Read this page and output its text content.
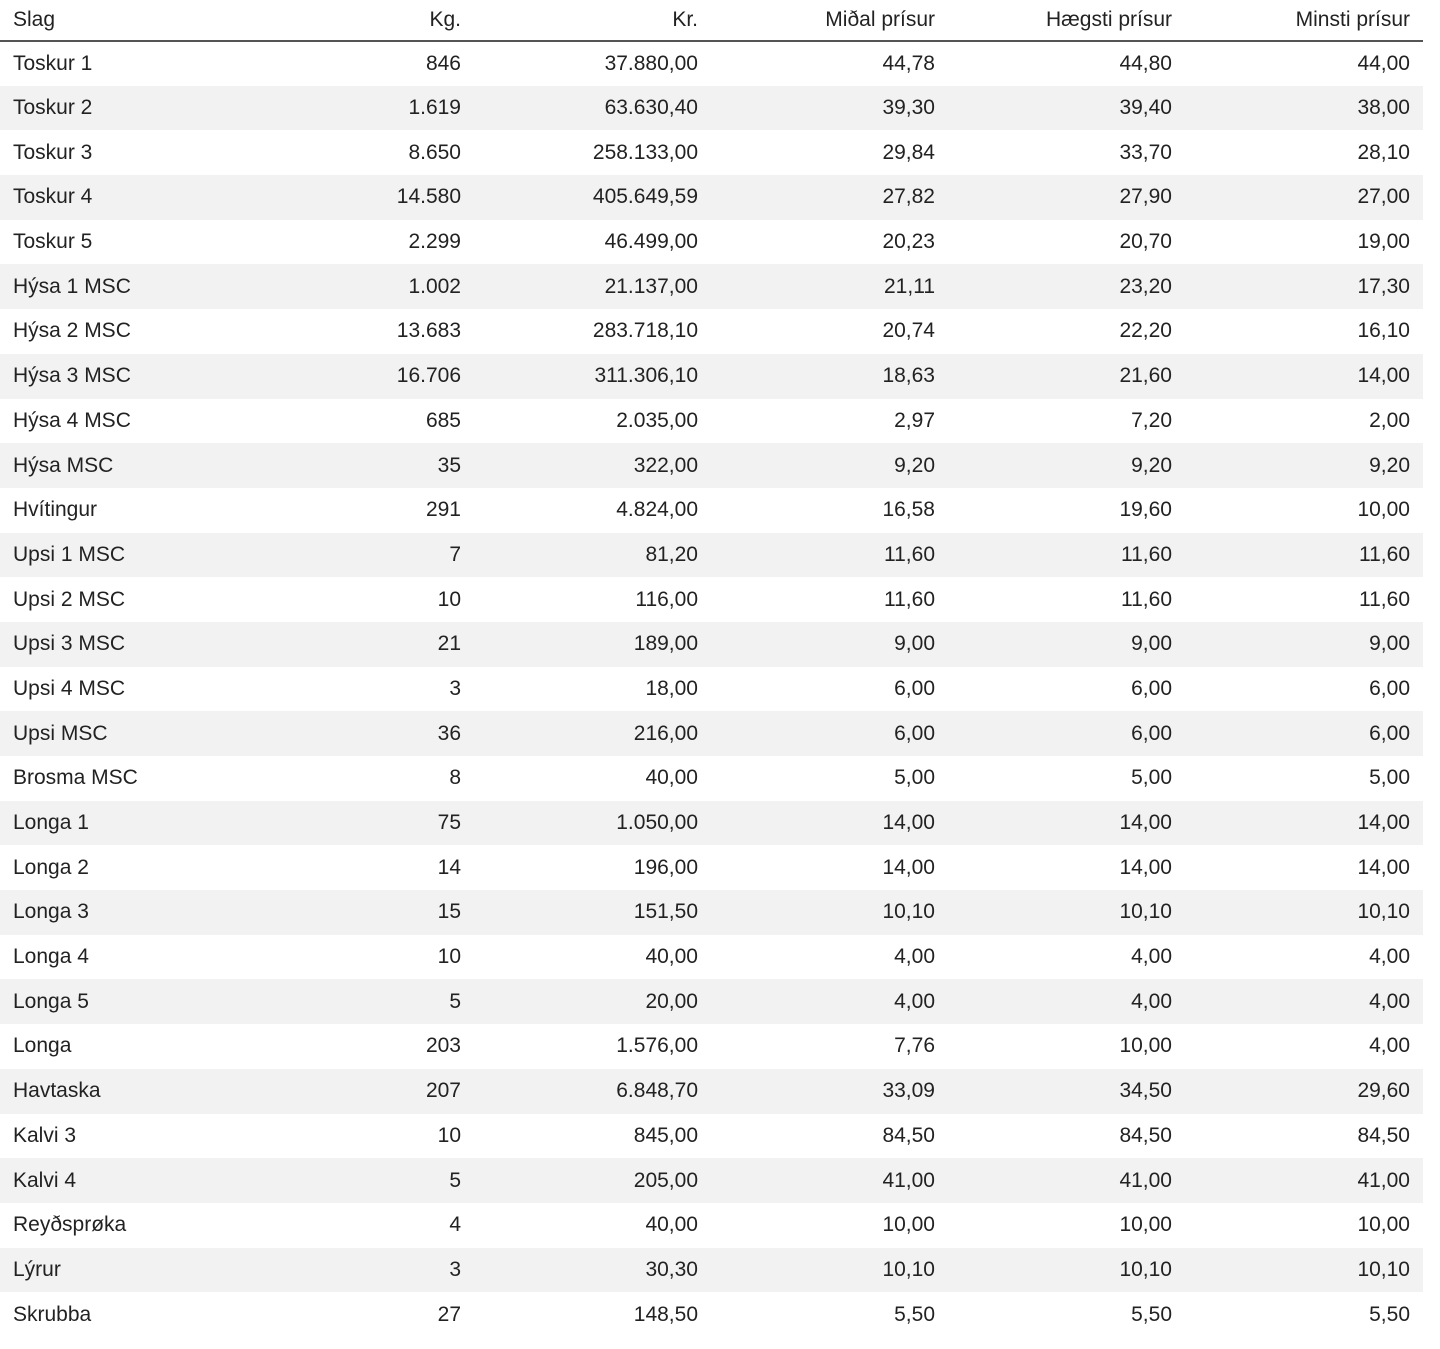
Slag	Kg.	Kr.	Miðal prísur	Hægsti prísur	Minsti prísur
Toskur 1	846	37.880,00	44,78	44,80	44,00
Toskur 2	1.619	63.630,40	39,30	39,40	38,00
Toskur 3	8.650	258.133,00	29,84	33,70	28,10
Toskur 4	14.580	405.649,59	27,82	27,90	27,00
Toskur 5	2.299	46.499,00	20,23	20,70	19,00
Hýsa 1 MSC	1.002	21.137,00	21,11	23,20	17,30
Hýsa 2 MSC	13.683	283.718,10	20,74	22,20	16,10
Hýsa 3 MSC	16.706	311.306,10	18,63	21,60	14,00
Hýsa 4 MSC	685	2.035,00	2,97	7,20	2,00
Hýsa MSC	35	322,00	9,20	9,20	9,20
Hvítingur	291	4.824,00	16,58	19,60	10,00
Upsi 1 MSC	7	81,20	11,60	11,60	11,60
Upsi 2 MSC	10	116,00	11,60	11,60	11,60
Upsi 3 MSC	21	189,00	9,00	9,00	9,00
Upsi 4 MSC	3	18,00	6,00	6,00	6,00
Upsi MSC	36	216,00	6,00	6,00	6,00
Brosma MSC	8	40,00	5,00	5,00	5,00
Longa 1	75	1.050,00	14,00	14,00	14,00
Longa 2	14	196,00	14,00	14,00	14,00
Longa 3	15	151,50	10,10	10,10	10,10
Longa 4	10	40,00	4,00	4,00	4,00
Longa 5	5	20,00	4,00	4,00	4,00
Longa	203	1.576,00	7,76	10,00	4,00
Havtaska	207	6.848,70	33,09	34,50	29,60
Kalvi 3	10	845,00	84,50	84,50	84,50
Kalvi 4	5	205,00	41,00	41,00	41,00
Reyðsprøka	4	40,00	10,00	10,00	10,00
Lýrur	3	30,30	10,10	10,10	10,10
Skrubba	27	148,50	5,50	5,50	5,50
